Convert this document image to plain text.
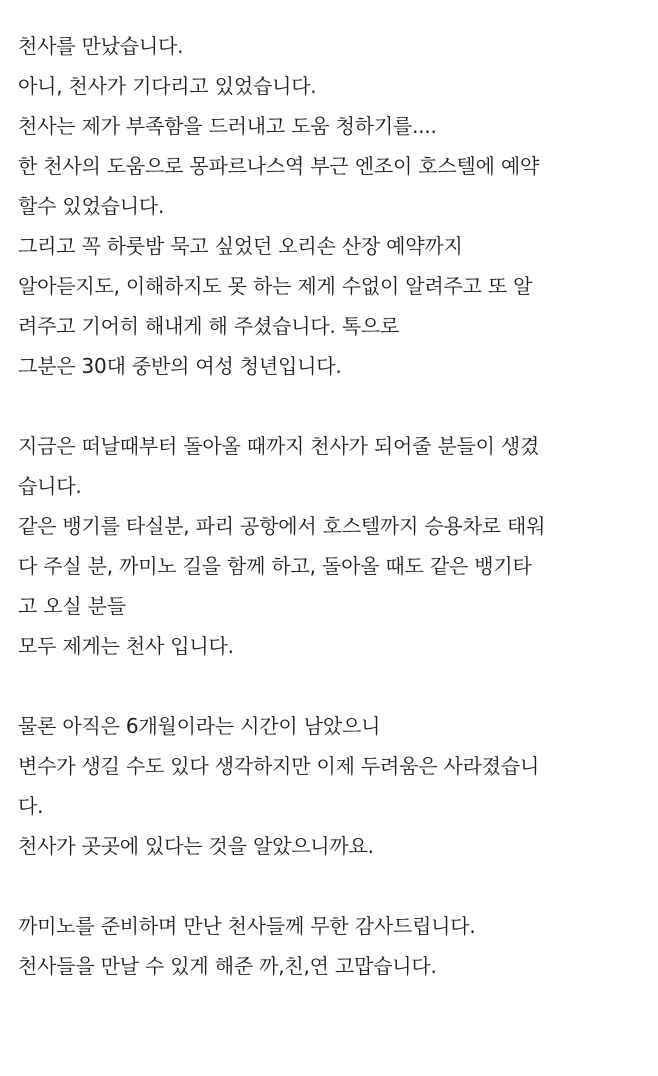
천사를 만났습니다.
아니, 천사가 기다리고 있었습니다.
천사는 제가 부족함을 드러내고 도움 청하기를....
한 천사의 도움으로 몽파르나스역 부근 엔조이 호스텔에 예약
할수 있었습니다.
그리고 꼭 하룻밤 묵고 싶었던 오리손 산장 예약까지
알아듣지도, 이해하지도 못 하는 제게 수없이 알려주고 또 알
려주고 기어히 해내게 해 주셨습니다. 톡으로
그분은 30대 중반의 여성 청년입니다.
지금은 떠날때부터 돌아올 때까지 천사가 되어줄 분들이 생겼
습니다.
같은 뱅기를 타실분, 파리 공항에서 호스텔까지 승용차로 태워
다 주실 분, 까미노 길을 함께 하고, 돌아올 때도 같은 뱅기타
고 오실 분들
모두 제게는 천사 입니다.
물론 아직은 6개월이라는 시간이 남았으니
변수가 생길 수도 있다 생각하지만 이제 두려움은 사라졌습니
다.
천사가 곳곳에 있다는 것을 알았으니까요.
까미노를 준비하며 만난 천사들께 무한 감사드립니다.
천사들을 만날 수 있게 해준 까,친,연 고맙습니다.
